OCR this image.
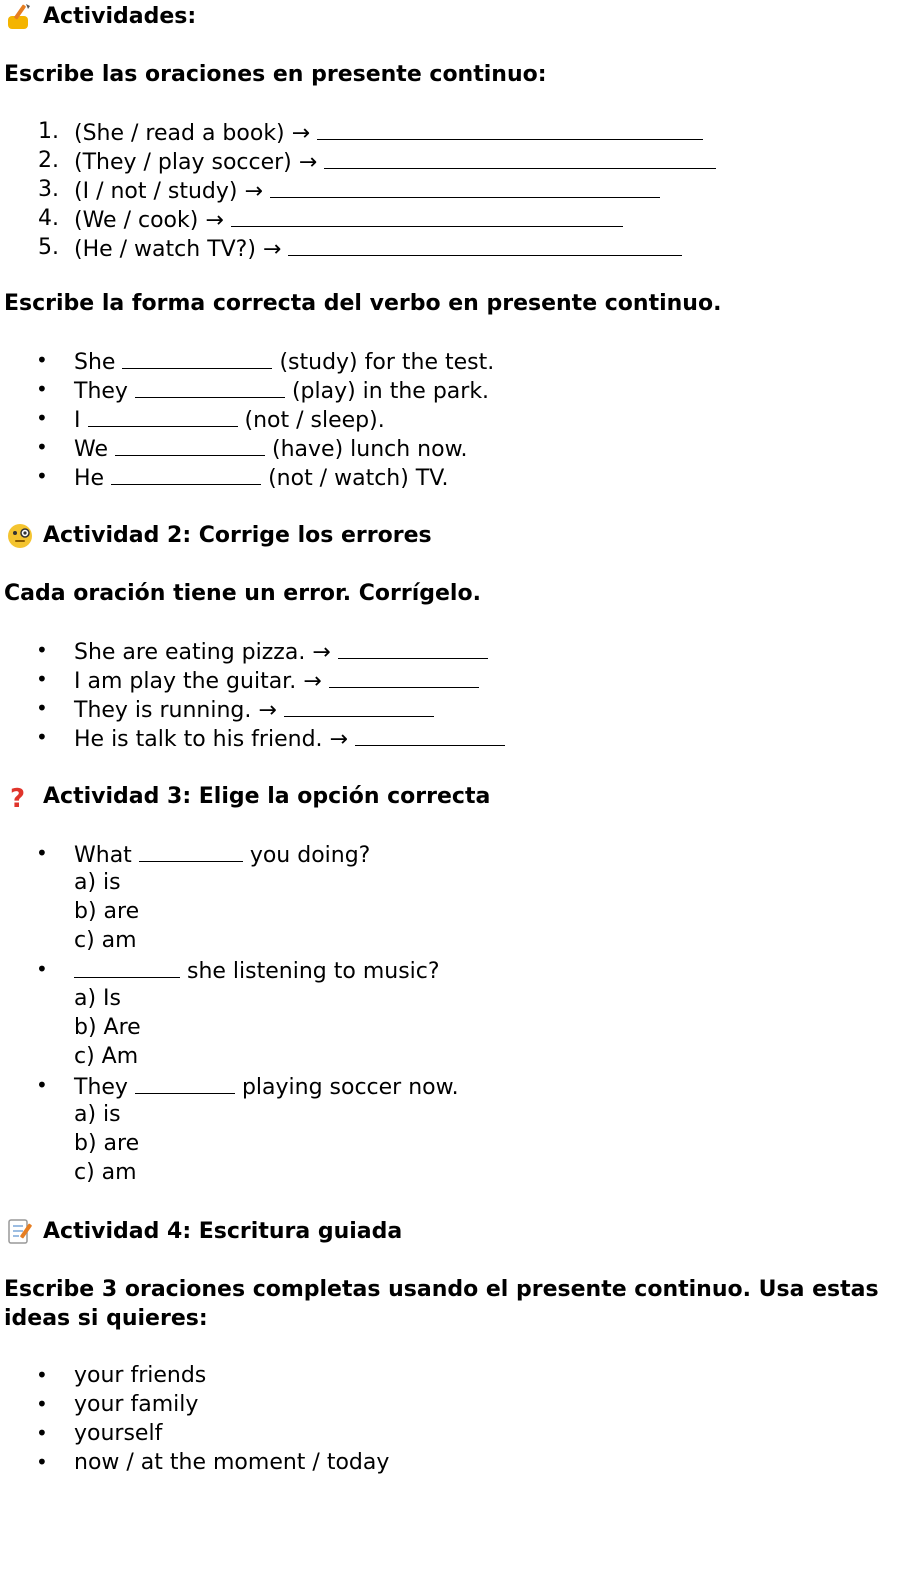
Actividades:

Escribe las oraciones en presente continuo:

1. (She / read a book) →
2. (They / play soccer) →
3. (I / not / study) →
4. (We / cook) →
5. (He / watch TV?) →

Escribe la forma correcta del verbo en presente continuo.

• She	(study) for the test.
• They	(play) in the park.
• I	(not / sleep).
• We	(have) lunch now.
• He	(not / watch) TV.
Actividad 2: Corrige los errores

Cada oración tiene un error. Corrígelo.

• She are eating pizza. →
• I am play the guitar. →
• They is running. →
• He is talk to his friend. →
? Actividad 3: Elige la opción correcta
• What	you doing?
a) is
b) are
c) am
•	she listening to music?
a) Is
b) Are
c) Am
• They	playing soccer now.
a) is
b) are
c) am
Actividad 4: Escritura guiada

Escribe 3 oraciones completas usando el presente continuo. Usa estas ideas si quieres:

• your friends
• your family
• yourself
• now / at the moment / today
